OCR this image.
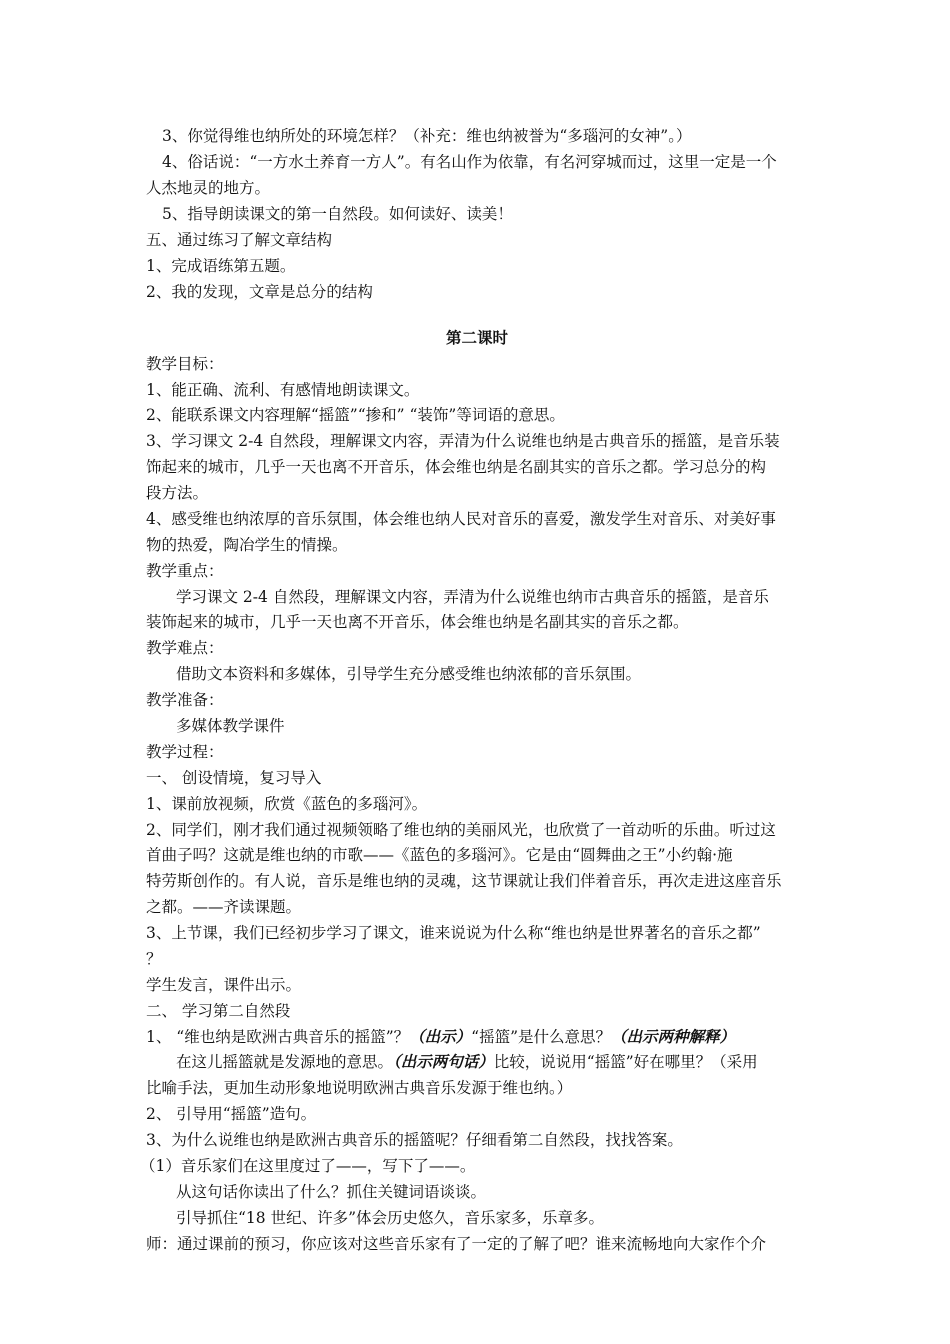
3、你觉得维也纳所处的环境怎样？（补充：维也纳被誉为“多瑙河的女神”。）
4、俗话说：“一方水土养育一方人”。有名山作为依靠，有名河穿城而过，这里一定是一个
人杰地灵的地方。
5、指导朗读课文的第一自然段。如何读好、读美！
五、通过练习了解文章结构
1、完成语练第五题。
2、我的发现，文章是总分的结构
第二课时
教学目标：
1、能正确、流利、有感情地朗读课文。
2、能联系课文内容理解“摇篮”“掺和” “装饰”等词语的意思。
3、学习课文 2-4 自然段，理解课文内容，弄清为什么说维也纳是古典音乐的摇篮，是音乐装
饰起来的城市，几乎一天也离不开音乐，体会维也纳是名副其实的音乐之都。学习总分的构
段方法。
4、感受维也纳浓厚的音乐氛围，体会维也纳人民对音乐的喜爱，激发学生对音乐、对美好事
物的热爱，陶冶学生的情操。
教学重点：
学习课文 2-4 自然段，理解课文内容，弄清为什么说维也纳市古典音乐的摇篮，是音乐
装饰起来的城市，几乎一天也离不开音乐，体会维也纳是名副其实的音乐之都。
教学难点：
借助文本资料和多媒体，引导学生充分感受维也纳浓郁的音乐氛围。
教学准备：
多媒体教学课件
教学过程：
一、 创设情境，复习导入
1、课前放视频，欣赏《蓝色的多瑙河》。
2、同学们，刚才我们通过视频领略了维也纳的美丽风光，也欣赏了一首动听的乐曲。听过这
首曲子吗？这就是维也纳的市歌——《蓝色的多瑙河》。它是由“圆舞曲之王”小约翰·施
特劳斯创作的。有人说，音乐是维也纳的灵魂，这节课就让我们伴着音乐，再次走进这座音乐
之都。——齐读课题。
3、上节课，我们已经初步学习了课文，谁来说说为什么称“维也纳是世界著名的音乐之都”
？
学生发言，课件出示。
二、 学习第二自然段
1、 “维也纳是欧洲古典音乐的摇篮”？（出示）“摇篮”是什么意思？（出示两种解释）
在这儿摇篮就是发源地的意思。（出示两句话）比较，说说用“摇篮”好在哪里？（采用
比喻手法，更加生动形象地说明欧洲古典音乐发源于维也纳。）
2、 引导用“摇篮”造句。
3、为什么说维也纳是欧洲古典音乐的摇篮呢？仔细看第二自然段，找找答案。
（1）音乐家们在这里度过了——，写下了——。
从这句话你读出了什么？抓住关键词语谈谈。
引导抓住“18 世纪、许多”体会历史悠久，音乐家多，乐章多。
师：通过课前的预习，你应该对这些音乐家有了一定的了解了吧？谁来流畅地向大家作个介
